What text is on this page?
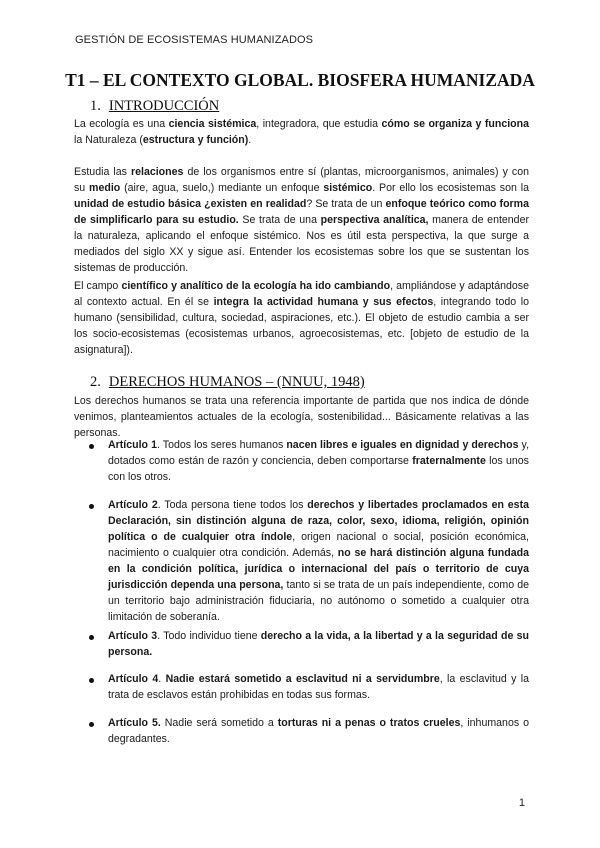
GESTIÓN DE ECOSISTEMAS HUMANIZADOS
T1 – EL CONTEXTO GLOBAL. BIOSFERA HUMANIZADA
1. INTRODUCCIÓN

La ecología es una ciencia sistémica, integradora, que estudia cómo se organiza y funciona la Naturaleza (estructura y función).

Estudia las relaciones de los organismos entre sí (plantas, microorganismos, animales) y con su medio (aire, agua, suelo,) mediante un enfoque sistémico. Por ello los ecosistemas son la unidad de estudio básica ¿existen en realidad? Se trata de un enfoque teórico como forma de simplificarlo para su estudio. Se trata de una perspectiva analítica, manera de entender la naturaleza, aplicando el enfoque sistémico. Nos es útil esta perspectiva, la que surge a mediados del siglo XX y sigue así. Entender los ecosistemas sobre los que se sustentan los sistemas de producción.

El campo científico y analítico de la ecología ha ido cambiando, ampliándose y adaptándose al contexto actual. En él se integra la actividad humana y sus efectos, integrando todo lo humano (sensibilidad, cultura, sociedad, aspiraciones, etc.). El objeto de estudio cambia a ser los socio-ecosistemas (ecosistemas urbanos, agroecosistemas, etc. [objeto de estudio de la asignatura]).

2. DERECHOS HUMANOS – (NNUU, 1948)

Los derechos humanos se trata una referencia importante de partida que nos indica de dónde venimos, planteamientos actuales de la ecología, sostenibilidad... Básicamente relativas a las personas.

Artículo 1. Todos los seres humanos nacen libres e iguales en dignidad y derechos y, dotados como están de razón y conciencia, deben comportarse fraternalmente los unos con los otros.

Artículo 2. Toda persona tiene todos los derechos y libertades proclamados en esta Declaración, sin distinción alguna de raza, color, sexo, idioma, religión, opinión política o de cualquier otra índole, origen nacional o social, posición económica, nacimiento o cualquier otra condición. Además, no se hará distinción alguna fundada en la condición política, jurídica o internacional del país o territorio de cuya jurisdicción dependa una persona, tanto si se trata de un país independiente, como de un territorio bajo administración fiduciaria, no autónomo o sometido a cualquier otra limitación de soberanía.

Artículo 3. Todo individuo tiene derecho a la vida, a la libertad y a la seguridad de su persona.

Artículo 4. Nadie estará sometido a esclavitud ni a servidumbre, la esclavitud y la trata de esclavos están prohibidas en todas sus formas.

Artículo 5. Nadie será sometido a torturas ni a penas o tratos crueles, inhumanos o degradantes.

1
